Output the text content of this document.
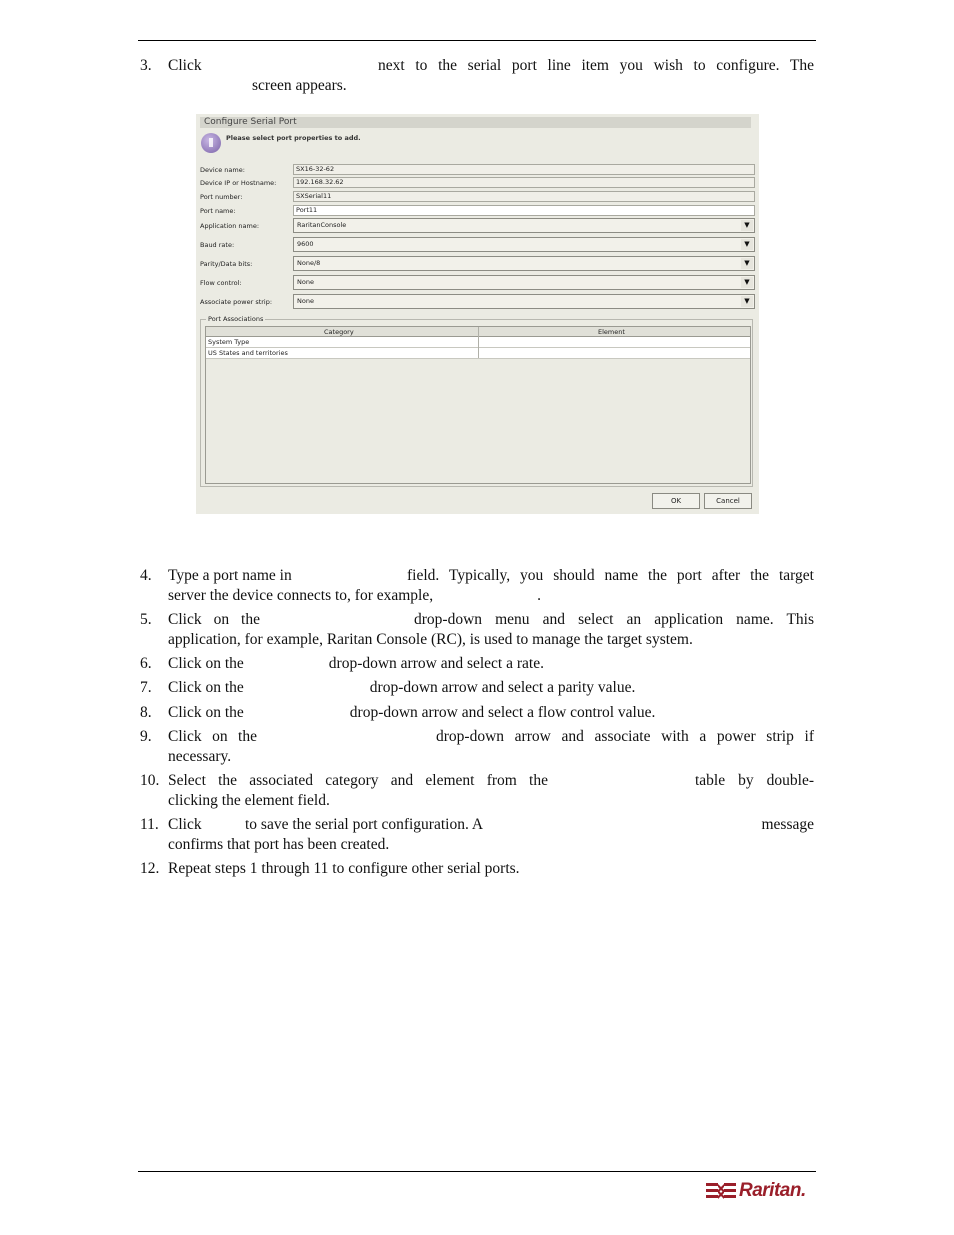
3. Click	next to the serial port line item you wish to configure. The
screen appears.
Configure Serial Port
Please select port properties to add.
Device name:	SX16-32-62
Device IP or Hostname:	192.168.32.62
Port number:	SXSerial11
Port name:	Port11
Application name:	RaritanConsole	▼
Baud rate:	9600	▼
Parity/Data bits:	None/8	▼
Flow control:	None	▼
Associate power strip:	None	▼
Port Associations
Category	Element
System Type
US States and territories
OK	Cancel
4. Type a port name in	field. Typically, you should name the port after the target
server the device connects to, for example,	.
5. Click on the	drop-down menu and select an application name. This
application, for example, Raritan Console (RC), is used to manage the target system.
6. Click on the	drop-down arrow and select a rate.
7. Click on the	drop-down arrow and select a parity value.
8. Click on the	drop-down arrow and select a flow control value.
9. Click on the	drop-down arrow and associate with a power strip if
necessary.
10. Select the associated category and element from the	table by double-
clicking the element field.
11. Click	to save the serial port configuration. A	message
confirms that port has been created.
12. Repeat steps 1 through 11 to configure other serial ports.
Raritan.
